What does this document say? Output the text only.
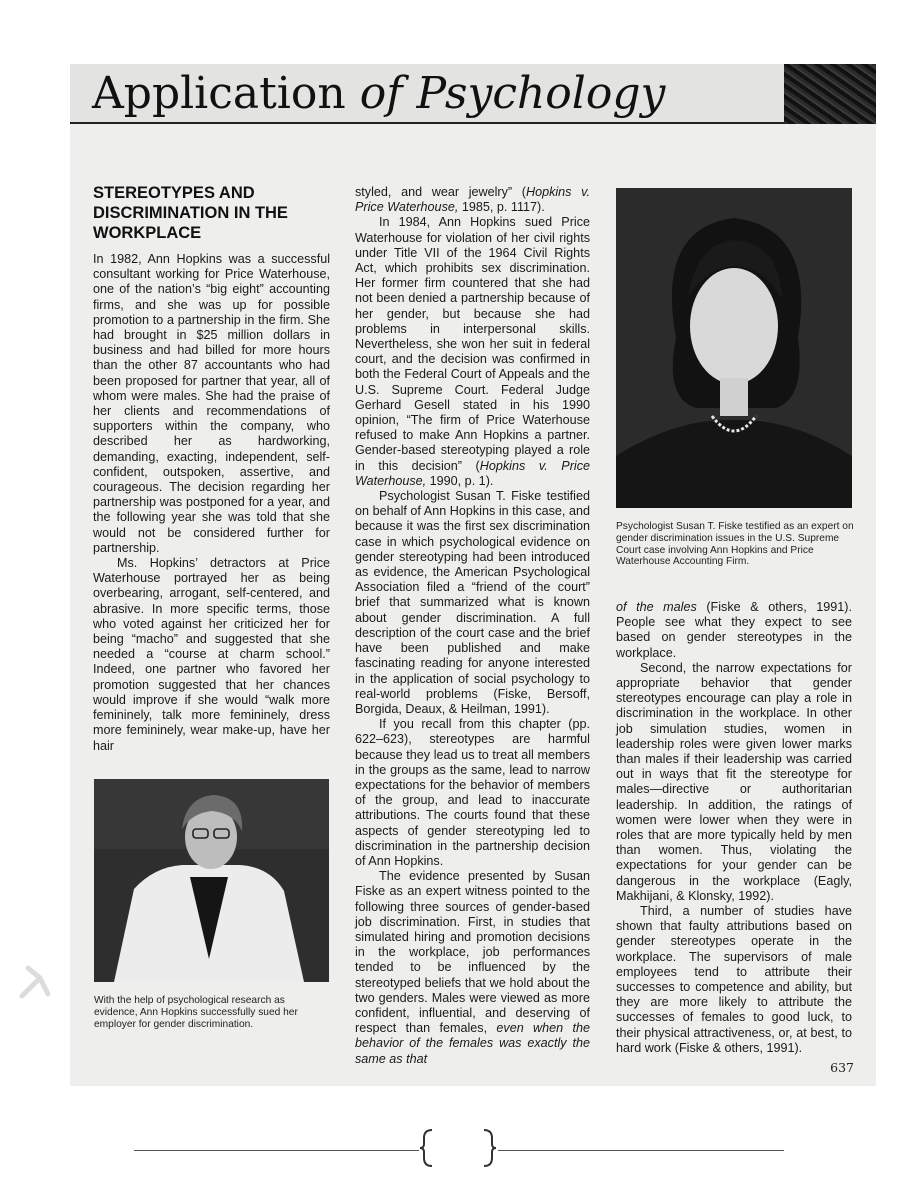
Application of Psychology
STEREOTYPES AND DISCRIMINATION IN THE WORKPLACE

In 1982, Ann Hopkins was a successful consultant working for Price Waterhouse, one of the nation’s “big eight” accounting firms, and she was up for possible promotion to a partnership in the firm. She had brought in $25 million dollars in business and had billed for more hours than the other 87 accountants who had been proposed for partner that year, all of whom were males. She had the praise of her clients and recommendations of supporters within the company, who described her as hardworking, demanding, exacting, independent, self-confident, outspoken, assertive, and courageous. The decision regarding her partnership was postponed for a year, and the following year she was told that she would not be considered further for partnership.

Ms. Hopkins’ detractors at Price Waterhouse portrayed her as being overbearing, arrogant, self-centered, and abrasive. In more specific terms, those who voted against her criticized her for being “macho” and suggested that she needed a “course at charm school.” Indeed, one partner who favored her promotion suggested that her chances would improve if she would “walk more femininely, talk more femininely, dress more femininely, wear make-up, have her hair

styled, and wear jewelry” (Hopkins v. Price Waterhouse, 1985, p. 1117).

In 1984, Ann Hopkins sued Price Waterhouse for violation of her civil rights under Title VII of the 1964 Civil Rights Act, which prohibits sex discrimination. Her former firm countered that she had not been denied a partnership because of her gender, but because she had problems in interpersonal skills. Nevertheless, she won her suit in federal court, and the decision was confirmed in both the Federal Court of Appeals and the U.S. Supreme Court. Federal Judge Gerhard Gesell stated in his 1990 opinion, “The firm of Price Waterhouse refused to make Ann Hopkins a partner. Gender-based stereotyping played a role in this decision” (Hopkins v. Price Waterhouse, 1990, p. 1).

Psychologist Susan T. Fiske testified on behalf of Ann Hopkins in this case, and because it was the first sex discrimination case in which psychological evidence on gender stereotyping had been introduced as evidence, the American Psychological Association filed a “friend of the court” brief that summarized what is known about gender discrimination. A full description of the court case and the brief have been published and make fascinating reading for anyone interested in the application of social psychology to real-world problems (Fiske, Bersoff, Borgida, Deaux, & Heilman, 1991).

If you recall from this chapter (pp. 622–623), stereotypes are harmful because they lead us to treat all members in the groups as the same, lead to narrow expectations for the behavior of members of the group, and lead to inaccurate attributions. The courts found that these aspects of gender stereotyping led to discrimination in the partnership decision of Ann Hopkins.

The evidence presented by Susan Fiske as an expert witness pointed to the following three sources of gender-based job discrimination. First, in studies that simulated hiring and promotion decisions in the workplace, job performances tended to be influenced by the stereotyped beliefs that we hold about the two genders. Males were viewed as more confident, influential, and deserving of respect than females, even when the behavior of the females was exactly the same as that

of the males (Fiske & others, 1991). People see what they expect to see based on gender stereotypes in the workplace.

Second, the narrow expectations for appropriate behavior that gender stereotypes encourage can play a role in discrimination in the workplace. In other job simulation studies, women in leadership roles were given lower marks than males if their leadership was carried out in ways that fit the stereotype for males—directive or authoritarian leadership. In addition, the ratings of women were lower when they were in roles that are more typically held by men than women. Thus, violating the expectations for your gender can be dangerous in the workplace (Eagly, Makhijani, & Klonsky, 1992).

Third, a number of studies have shown that faulty attributions based on gender stereotypes operate in the workplace. The supervisors of male employees tend to attribute their successes to competence and ability, but they are more likely to attribute the successes of females to good luck, to their physical attractiveness, or, at best, to hard work (Fiske & others, 1991).

With the help of psychological research as evidence, Ann Hopkins successfully sued her employer for gender discrimination.

Psychologist Susan T. Fiske testified as an expert on gender discrimination issues in the U.S. Supreme Court case involving Ann Hopkins and Price Waterhouse Accounting Firm.

637
